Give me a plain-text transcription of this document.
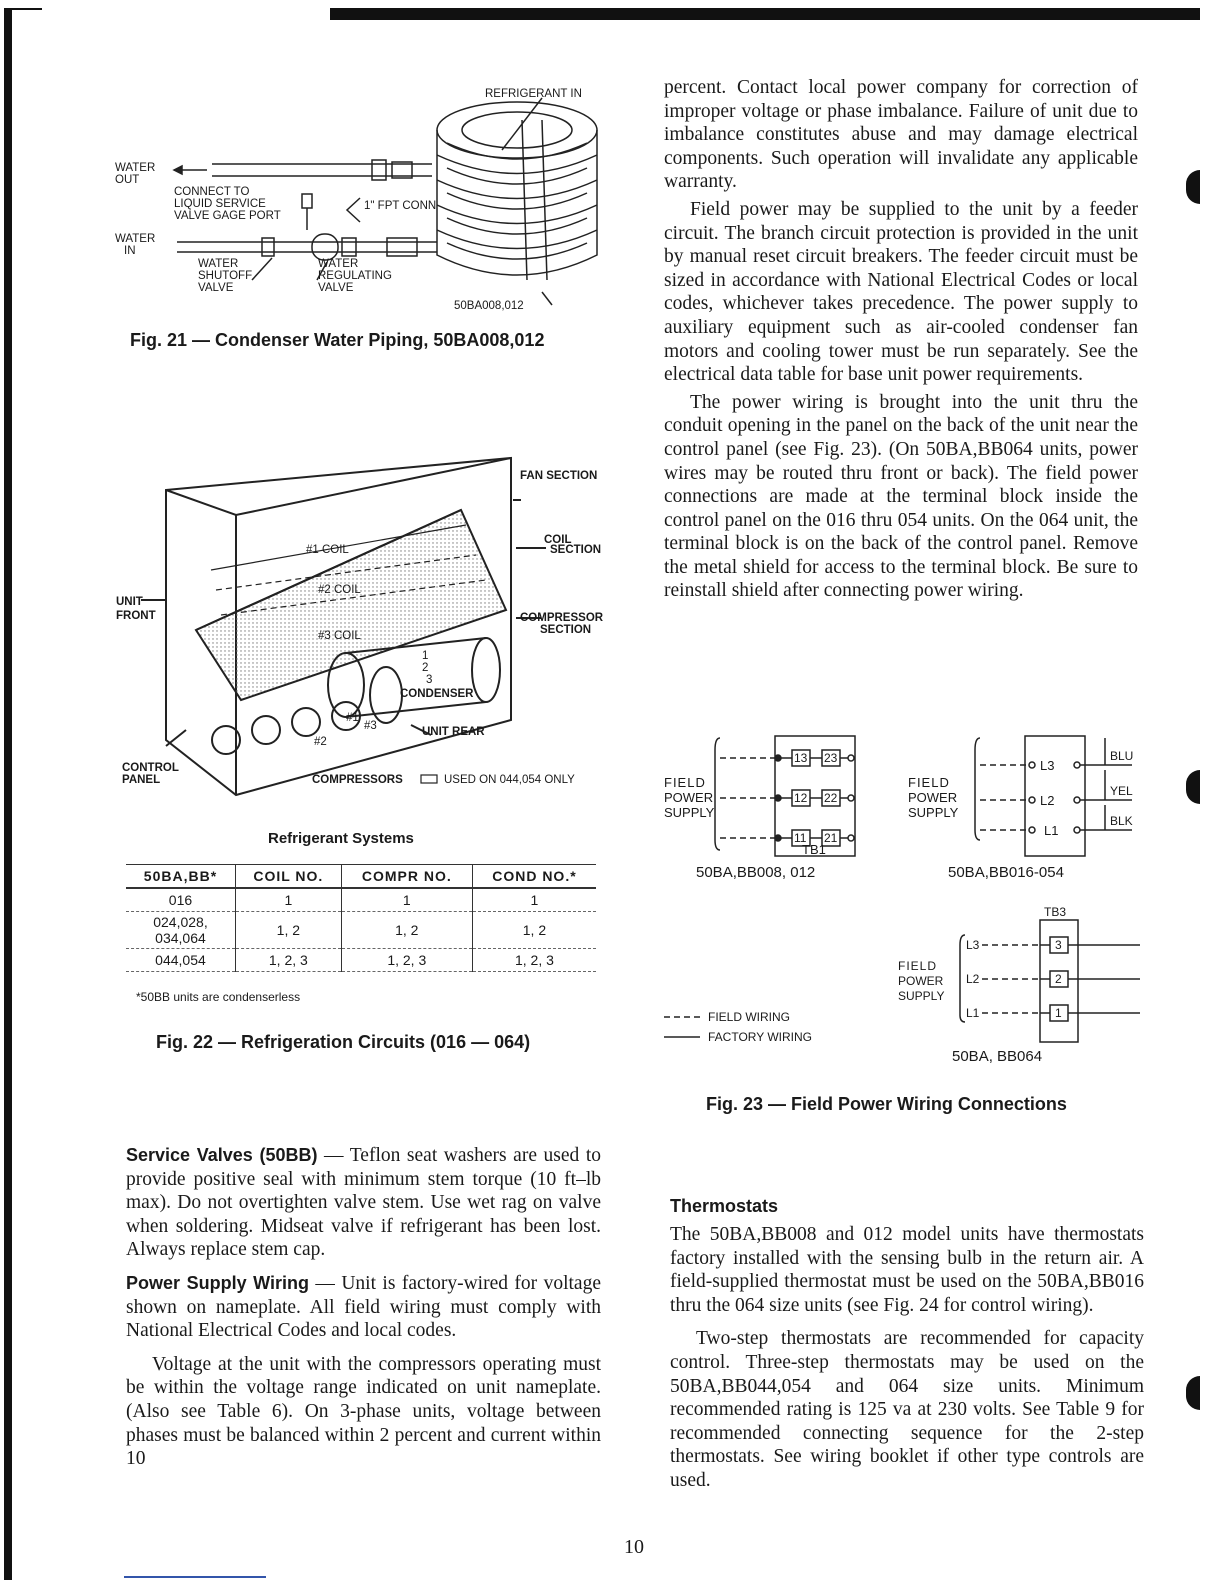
REFRIGERANT IN
WATER
OUT
CONNECT TO
LIQUID SERVICE
VALVE GAGE PORT
1" FPT CONN
WATER
IN
WATER
SHUTOFF
VALVE
WATER
REGULATING
VALVE
50BA008,012
Fig. 21 — Condenser Water Piping, 50BA008,012
FAN SECTION
COIL
SECTION
UNIT
FRONT	COMPRESSOR
SECTION
#1 COIL
#2 COIL
#3 COIL
1
2
3
CONDENSER
#1
#2
#3	UNIT REAR
CONTROL
PANEL	COMPRESSORS	USED ON 044,054 ONLY
Refrigerant Systems
50BA,BB*	COIL NO.	COMPR NO.	COND NO.*
016	1	1	1
024,028,
034,064	1, 2	1, 2	1, 2
044,054	1, 2, 3	1, 2, 3	1, 2, 3
*50BB units are condenserless
Fig. 22 — Refrigeration Circuits (016 — 064)

Service Valves (50BB) — Teflon seat washers are used to provide positive seal with minimum stem torque (10 ft–lb max). Do not overtighten valve stem. Use wet rag on valve when soldering. Midseat valve if refrigerant has been lost. Always replace stem cap.

Power Supply Wiring — Unit is factory-wired for voltage shown on nameplate. All field wiring must comply with National Electrical Codes and local codes.

Voltage at the unit with the compressors operating must be within the voltage range indicated on unit nameplate. (Also see Table 6). On 3-phase units, voltage between phases must be balanced within 2 percent and current within 10

percent. Contact local power company for correction of improper voltage or phase imbalance. Failure of unit due to imbalance constitutes abuse and may damage electrical components. Such operation will invalidate any applicable warranty.

Field power may be supplied to the unit by a feeder circuit. The branch circuit protection is provided in the unit by manual reset circuit breakers. The feeder circuit must be sized in accordance with National Electrical Codes or local codes, whichever takes precedence. The power supply to auxiliary equipment such as air-cooled condenser fan motors and cooling tower must be run separately. See the electrical data table for base unit power requirements.

The power wiring is brought into the unit thru the conduit opening in the panel on the back of the unit near the control panel (see Fig. 23). (On 50BA,BB064 units, power wires may be routed thru front or back). The field power connections are made at the terminal block inside the control panel on the 016 thru 054 units. On the 064 unit, the terminal block is on the back of the control panel. Remove the metal shield for access to the terminal block. Be sure to reinstall shield after connecting power wiring.

FIELD
POWER
SUPPLY
13 23
12 22
11 21
TB1
50BA,BB008, 012
FIELD
POWER
SUPPLY
L3
L2
L1
BLU
YEL
BLK
50BA,BB016-054
TB3
FIELD
POWER
SUPPLY
L3
L2
L1
3
2
1
50BA, BB064
FIELD WIRING
FACTORY WIRING
Fig. 23 — Field Power Wiring Connections
Thermostats

The 50BA,BB008 and 012 model units have thermostats factory installed with the sensing bulb in the return air. A field-supplied thermostat must be used on the 50BA,BB016 thru the 064 size units (see Fig. 24 for control wiring).

Two-step thermostats are recommended for capacity control. Three-step thermostats may be used on the 50BA,BB044,054 and 064 size units. Minimum recommended rating is 125 va at 230 volts. See Table 9 for recommended connecting sequence for the 2-step thermostats. See wiring booklet if other type controls are used.

10
